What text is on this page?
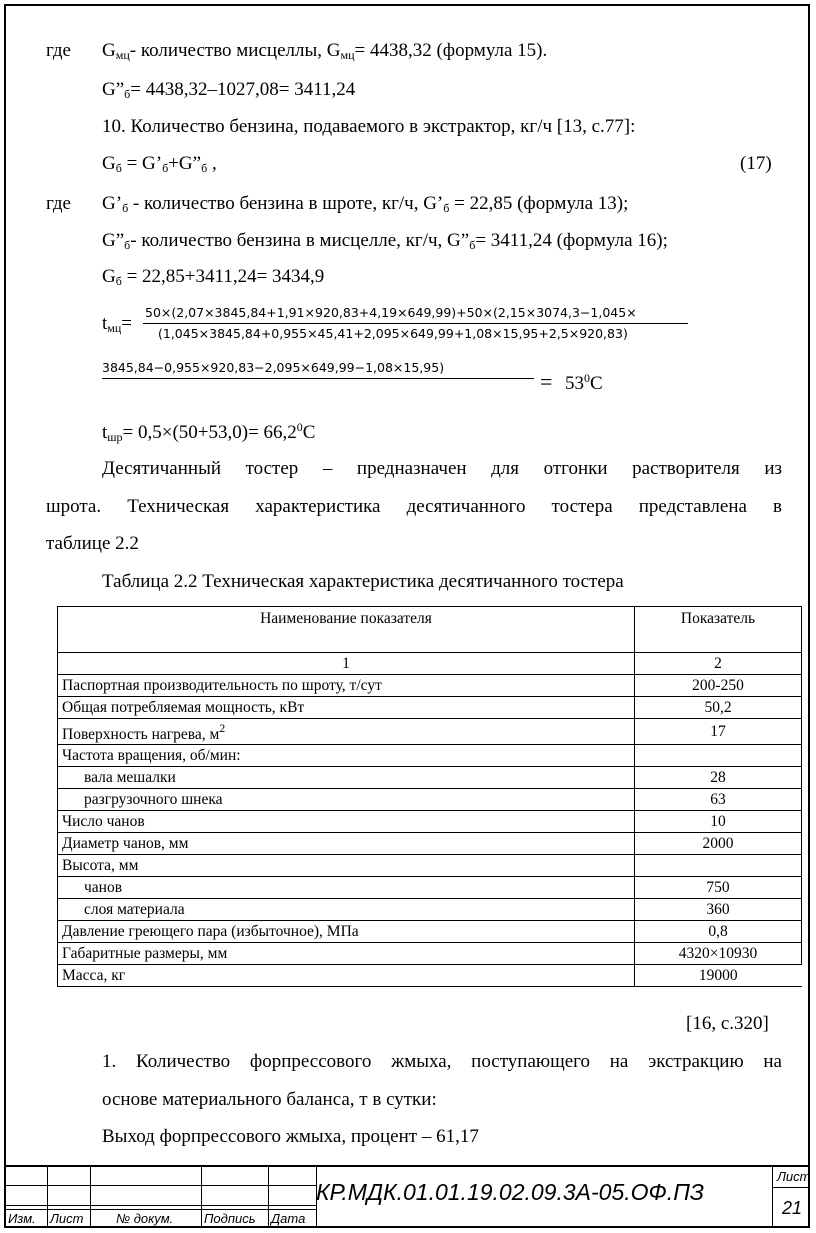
где $G_{мц}-$ количество мисцеллы, $G_{мц}= 4438,32$ (формула 15).
$G”_б= 4438,32-1027,08= 3411,24$
10. Количество бензина, подаваемого в экстрактор, кг/ч [13, с.77]:
$G_б$ = $G’_б+G”_б$ ,	(17)
где $G’_б$ - количество бензина в шроте, кг/ч, $G’_б = 22,85$ (формула 13);
$G”_б-$ количество бензина в мисцелле, кг/ч, $G”_б= 3411,24$ (формула 16);
$G_б = 22,85+3411,24= 3434,9$
$t_{мц}=$
50×(2,07×3845,84+1,91×920,83+4,19×649,99)+50×(2,15×3074,3−1,045×
(1,045×3845,84+0,955×45,41+2,095×649,99+1,08×15,95+2,5×920,83)
3845,84−0,955×920,83−2,095×649,99−1,08×15,95)
= $53^0С$
$t_{шр}= 0,5\times(50+53,0)= 66,2^0С$
Десятичанный тостер – предназначен для отгонки растворителя из
шрота. Техническая характеристика десятичанного тостера представлена в
таблице 2.2
Таблица 2.2 Техническая характеристика десятичанного тостера
Наименование показателя	Показатель
1	2
Паспортная производительность по шроту, т/сут	200-250
Общая потребляемая мощность, кВт	50,2
Поверхность нагрева, $м^2$	17
Частота вращения, об/мин:	
вала мешалки	28
разгрузочного шнека	63
Число чанов	10
Диаметр чанов, мм	2000
Высота, мм	
чанов	750
слоя материала	360
Давление греющего пара (избыточное), МПа	0,8
Габаритные размеры, мм	4320×10930
Масса, кг	19000
[16, с.320]
1. Количество форпрессового жмыха, поступающего на экстракцию на
основе материального баланса, т в сутки:
Выход форпрессового жмыха, процент – 61,17
Изм. Лист	№ докум. Подпись Дата
КР.МДК.01.01.19.02.09.3А-05.ОФ.ПЗ
Лист
21
